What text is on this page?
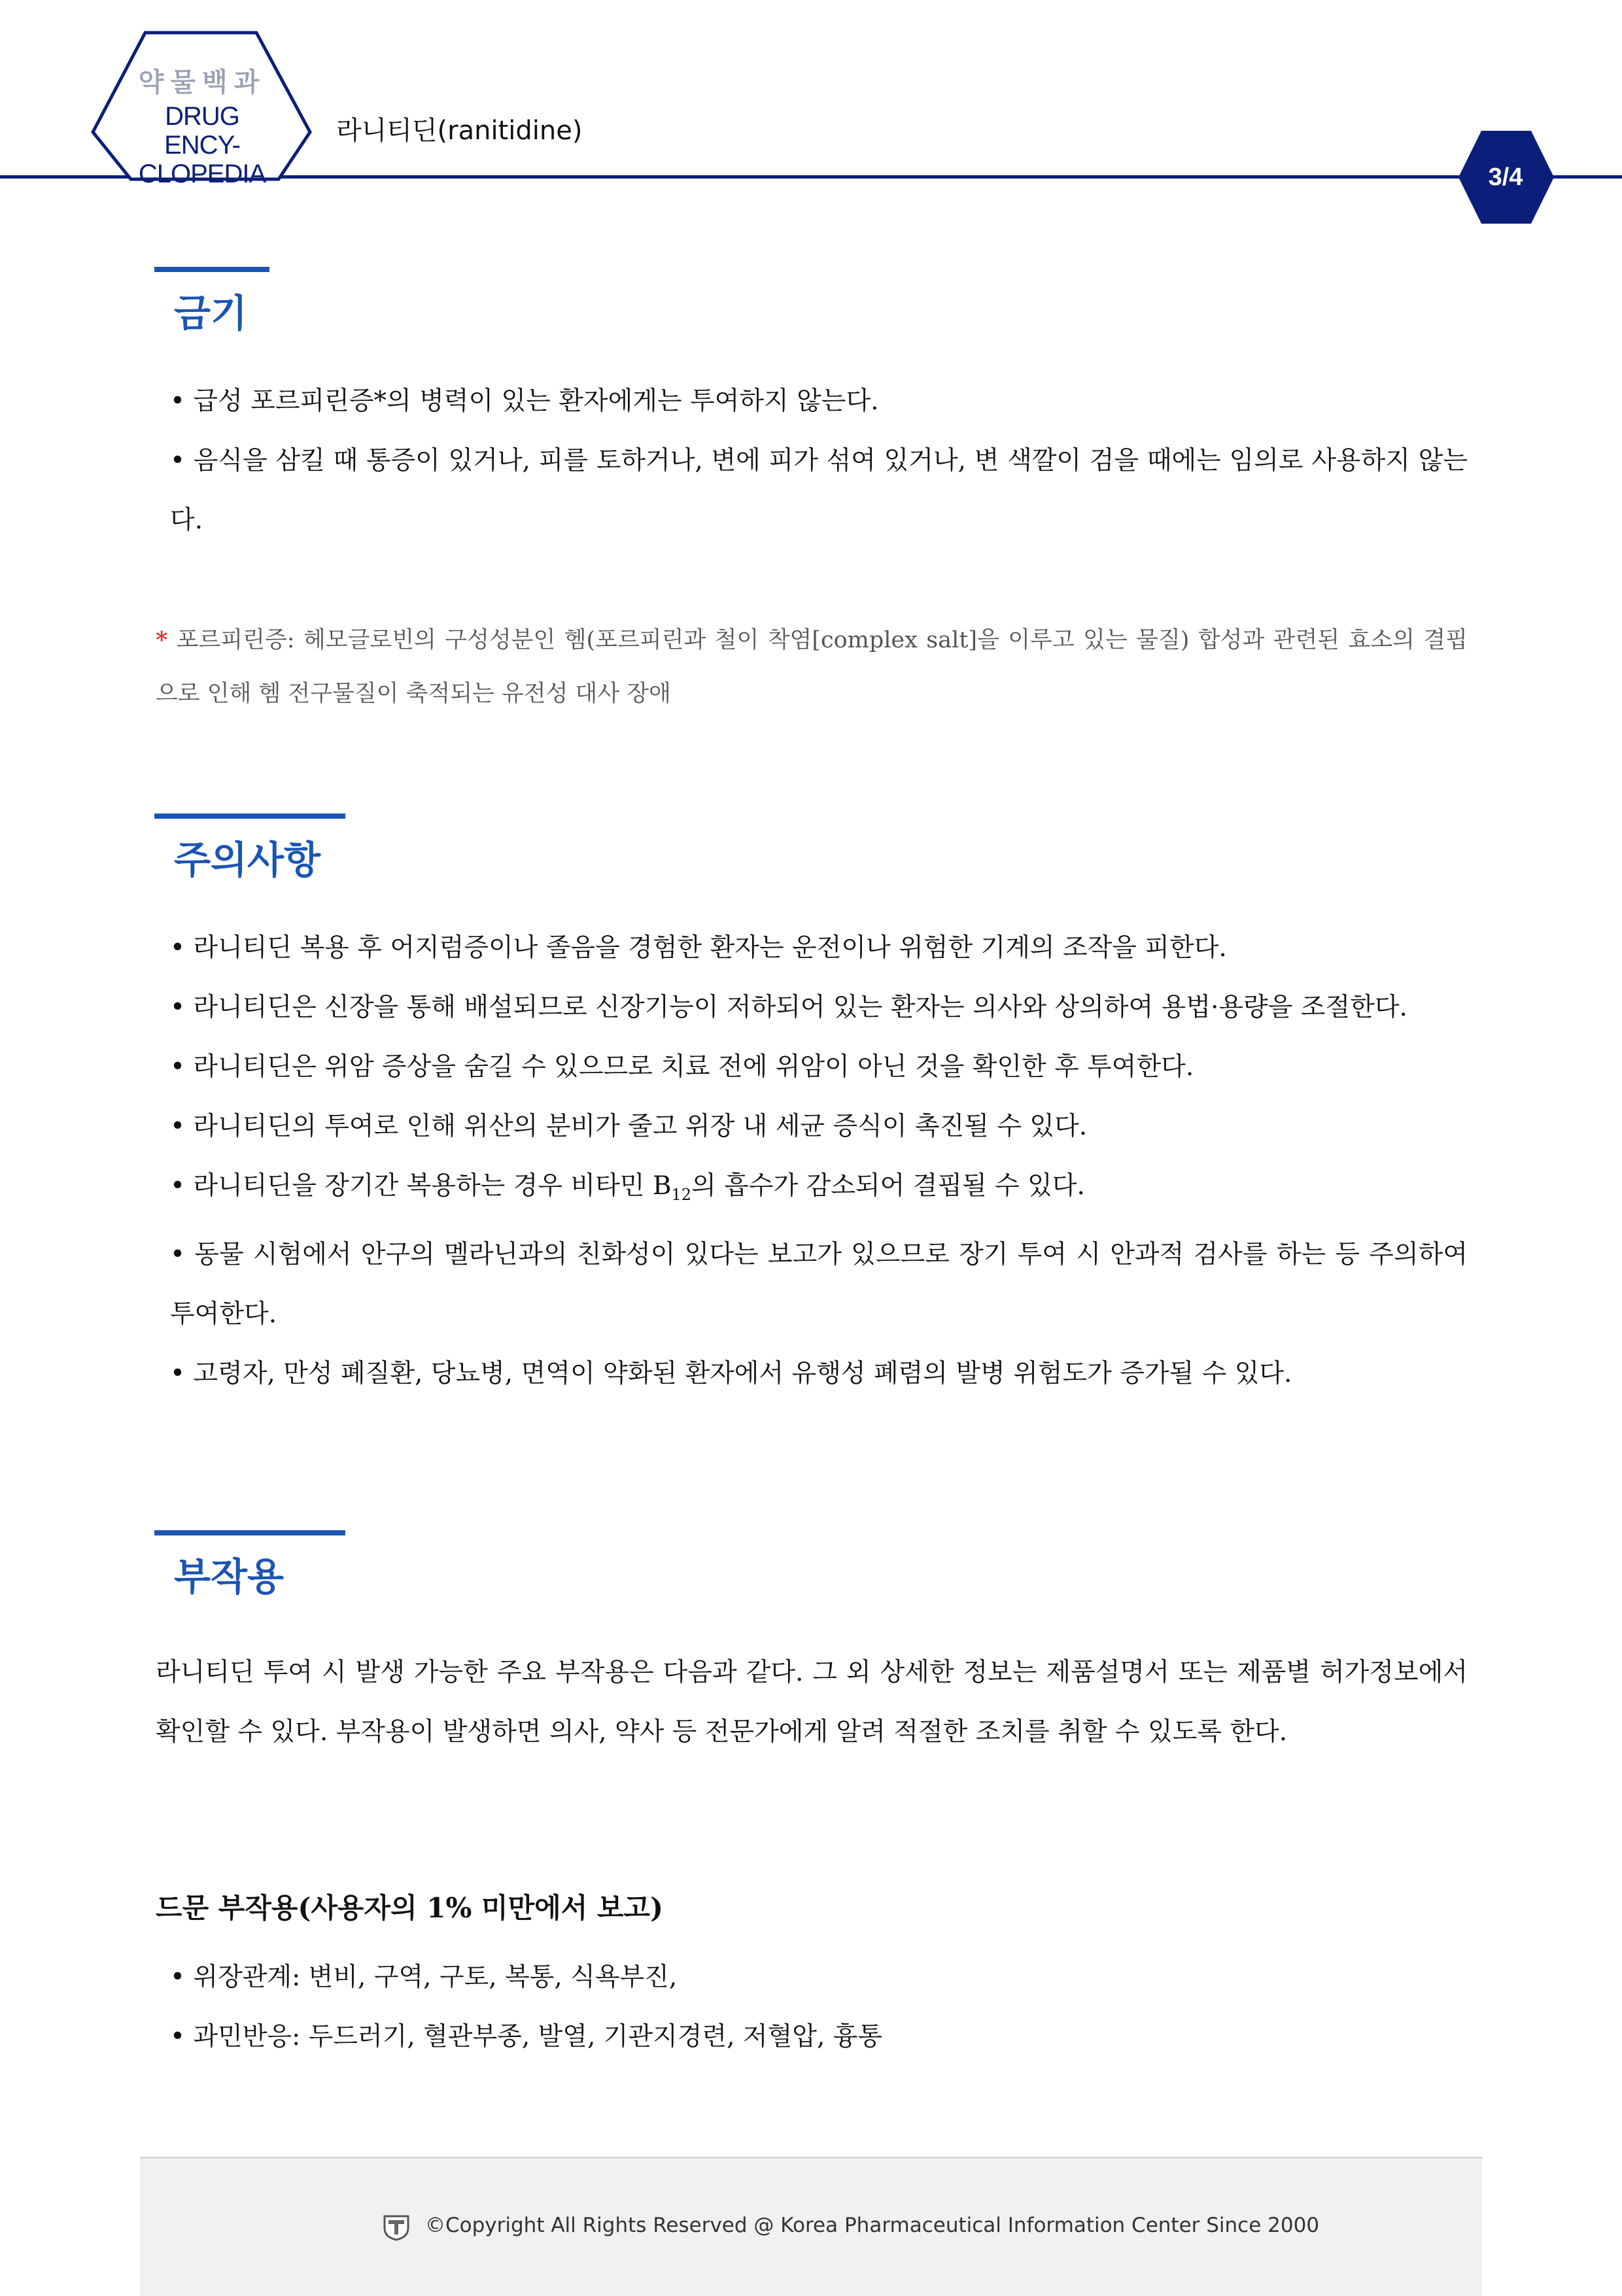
약물백과
DRUG ENCY-
CLOPEDIA
라니티딘(ranitidine)
3/4
금기

• 급성 포르피린증*의 병력이 있는 환자에게는 투여하지 않는다.

• 음식을 삼킬 때 통증이 있거나, 피를 토하거나, 변에 피가 섞여 있거나, 변 색깔이 검을 때에는 임의로 사용하지 않는다.

* 포르피린증: 헤모글로빈의 구성성분인 헴(포르피린과 철이 착염[complex salt]을 이루고 있는 물질) 합성과 관련된 효소의 결핍으로 인해 헴 전구물질이 축적되는 유전성 대사 장애
주의사항

• 라니티딘 복용 후 어지럼증이나 졸음을 경험한 환자는 운전이나 위험한 기계의 조작을 피한다.

• 라니티딘은 신장을 통해 배설되므로 신장기능이 저하되어 있는 환자는 의사와 상의하여 용법·용량을 조절한다.

• 라니티딘은 위암 증상을 숨길 수 있으므로 치료 전에 위암이 아닌 것을 확인한 후 투여한다.

• 라니티딘의 투여로 인해 위산의 분비가 줄고 위장 내 세균 증식이 촉진될 수 있다.

• 라니티딘을 장기간 복용하는 경우 비타민 $B_{12}$의 흡수가 감소되어 결핍될 수 있다.

• 동물 시험에서 안구의 멜라닌과의 친화성이 있다는 보고가 있으므로 장기 투여 시 안과적 검사를 하는 등 주의하여 투여한다.

• 고령자, 만성 폐질환, 당뇨병, 면역이 약화된 환자에서 유행성 폐렴의 발병 위험도가 증가될 수 있다.

부작용

라니티딘 투여 시 발생 가능한 주요 부작용은 다음과 같다. 그 외 상세한 정보는 제품설명서 또는 제품별 허가정보에서 확인할 수 있다. 부작용이 발생하면 의사, 약사 등 전문가에게 알려 적절한 조치를 취할 수 있도록 한다.

드문 부작용(사용자의 1% 미만에서 보고)

• 위장관계: 변비, 구역, 구토, 복통, 식욕부진,

• 과민반응: 두드러기, 혈관부종, 발열, 기관지경련, 저혈압, 흉통

©Copyright All Rights Reserved @ Korea Pharmaceutical Information Center Since 2000
